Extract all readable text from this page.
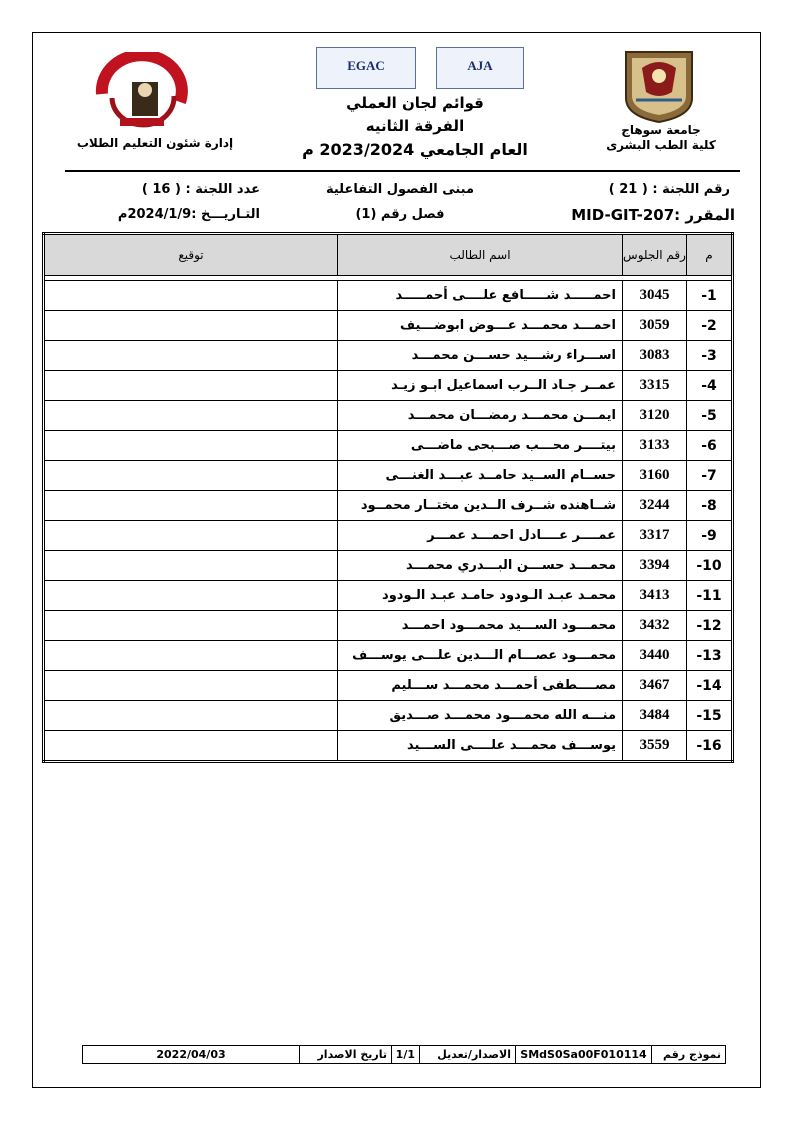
EGAC	AJA
جامعة سوهاج
كلية الطب البشرى
قوائم لجان العملي
الفرقة الثانيه
العام الجامعي 2023/2024 م
إدارة شئون التعليم الطلاب
رقم اللجنة : ( 21 )
مبنى الفصول التفاعلية
عدد اللجنة : ( 16 )
المقرر :MID-GIT-207
فصل رقم (1)
التـاريـــخ :2024/1/9م
م	رقم الجلوس	اسم الطالب	توقيع

-1	3045	احمـــــد شـــــافع علــــى أحمـــــد	
-2	3059	احمـــد محمـــد عـــوض ابوضـــيف	
-3	3083	اســـراء رشـــيد حســـن محمـــد	
-4	3315	عمــر جـاد الــرب اسماعيل ابـو زيـد	
-5	3120	ايمـــن محمـــد رمضـــان محمـــد	
-6	3133	بيتــــر محـــب صـــبحى ماضـــى	
-7	3160	حســام الســيد حامــد عبـــد الغنـــى	
-8	3244	شــاهنده شــرف الــدين مختــار محمــود	
-9	3317	عمــــر عــــادل احمـــد عمـــر	
-10	3394	محمـــد حســـن البـــدري محمـــد	
-11	3413	محمـد عبـد الـودود حامـد عبـد الـودود	
-12	3432	محمـــود الســـيد محمـــود احمـــد	
-13	3440	محمـــود عصـــام الـــدين علـــى يوســـف	
-14	3467	مصــــطفى أحمـــد محمـــد ســـليم	
-15	3484	منـــه الله محمـــود محمـــد صـــديق	
-16	3559	يوســـف محمـــد علــــى الســـيد	
نموذج رقم	SMdS0Sa00F010114	الاصدار/تعديل	1/1	تاريخ الاصدار	2022/04/03
